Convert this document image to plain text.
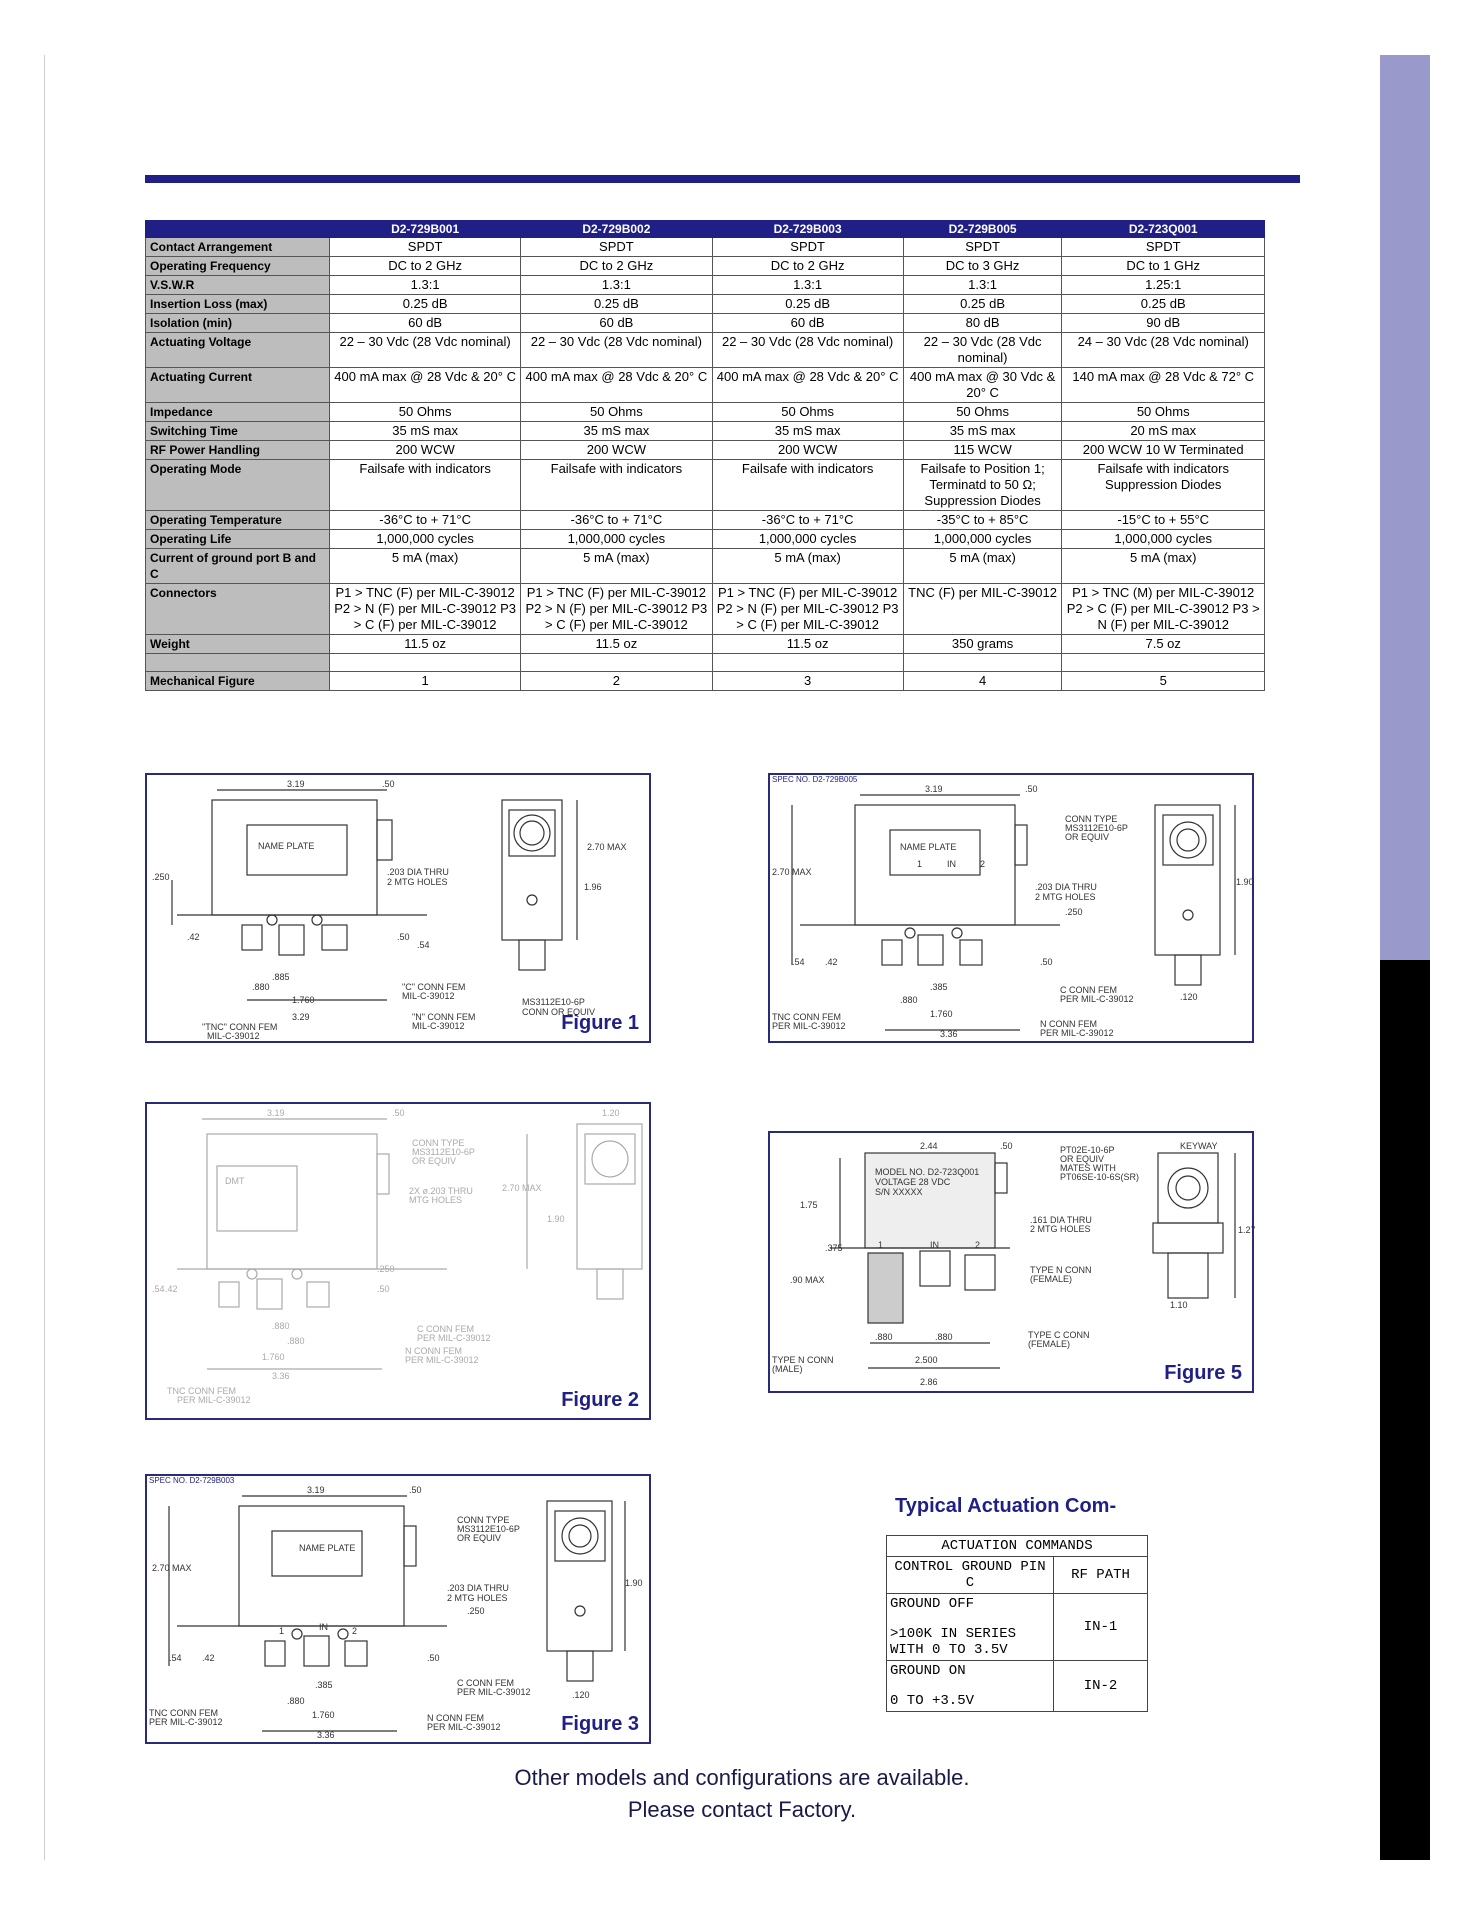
	D2-729B001	D2-729B002	D2-729B003	D2-729B005	D2-723Q001
Contact Arrangement	SPDT	SPDT	SPDT	SPDT	SPDT
Operating Frequency	DC to 2 GHz	DC to 2 GHz	DC to 2 GHz	DC to 3 GHz	DC to 1 GHz
V.S.W.R	1.3:1	1.3:1	1.3:1	1.3:1	1.25:1
Insertion Loss (max)	0.25 dB	0.25 dB	0.25 dB	0.25 dB	0.25 dB
Isolation (min)	60 dB	60 dB	60 dB	80 dB	90 dB
Actuating Voltage	22 – 30 Vdc (28 Vdc nominal)	22 – 30 Vdc (28 Vdc nominal)	22 – 30 Vdc (28 Vdc nominal)	22 – 30 Vdc (28 Vdc nominal)	24 – 30 Vdc (28 Vdc nominal)
Actuating Current	400 mA max @ 28 Vdc & 20° C	400 mA max @ 28 Vdc & 20° C	400 mA max @ 28 Vdc & 20° C	400 mA max @ 30 Vdc & 20° C	140 mA max @ 28 Vdc & 72° C
Impedance	50 Ohms	50 Ohms	50 Ohms	50 Ohms	50 Ohms
Switching Time	35 mS max	35 mS max	35 mS max	35 mS max	20 mS max
RF Power Handling	200 WCW	200 WCW	200 WCW	115 WCW	200 WCW 10 W Terminated
Operating Mode	Failsafe with indicators	Failsafe with indicators	Failsafe with indicators	Failsafe to Position 1; Terminatd to 50 Ω; Suppression Diodes	Failsafe with indicators Suppression Diodes
Operating Temperature	-36°C to + 71°C	-36°C to + 71°C	-36°C to + 71°C	-35°C to + 85°C	-15°C to + 55°C
Operating Life	1,000,000 cycles	1,000,000 cycles	1,000,000 cycles	1,000,000 cycles	1,000,000 cycles
Current of ground port B and C	5 mA (max)	5 mA (max)	5 mA (max)	5 mA (max)	5 mA (max)
Connectors	P1 > TNC (F) per MIL-C-39012 P2 > N (F) per MIL-C-39012 P3 > C (F) per MIL-C-39012	P1 > TNC (F) per MIL-C-39012 P2 > N (F) per MIL-C-39012 P3 > C (F) per MIL-C-39012	P1 > TNC (F) per MIL-C-39012 P2 > N (F) per MIL-C-39012 P3 > C (F) per MIL-C-39012	TNC (F) per MIL-C-39012	P1 > TNC (M) per MIL-C-39012 P2 > C (F) per MIL-C-39012 P3 > N (F) per MIL-C-39012
Weight	11.5 oz	11.5 oz	11.5 oz	350 grams	7.5 oz

Mechanical Figure	1	2	3	4	5
3.19	.50
.250
2.70 MAX
1.96
.203 DIA THRU
2 MTG HOLES
.42	.50
.54
.885
.880
1.760
3.29
"C" CONN FEM
MIL-C-39012
"N" CONN FEM
MIL-C-39012
"TNC" CONN FEM
MIL-C-39012
MS3112E10-6P
CONN OR EQUIV
NAME PLATE
Figure 1
SPEC NO. D2-729B005
3.19	.50
2.70 MAX
1.90
CONN TYPE
MS3112E10-6P
OR EQUIV
.203 DIA THRU
2 MTG HOLES
.250
.54 .42	.50
.385
.880
1.760
3.36
C CONN FEM
PER MIL-C-39012
N CONN FEM
PER MIL-C-39012
TNC CONN FEM
PER MIL-C-39012
.120
1	IN	2
NAME PLATE
3.19	.50	1.20
CONN TYPE
MS3112E10-6P
OR EQUIV
2X ø.203 THRU
MTG HOLES
2.70 MAX
1.90
.54 .42
.250
.50
.880
.880
1.760
3.36
C CONN FEM
PER MIL-C-39012
N CONN FEM
PER MIL-C-39012
TNC CONN FEM
PER MIL-C-39012
DMT
Figure 2
2.44	.50	PT02E-10-6P
OR EQUIV
MATES WITH
PT06SE-10-6S(SR)
KEYWAY
1.75
.375
.90 MAX
1.27
.161 DIA THRU
2 MTG HOLES
TYPE N CONN
(FEMALE)
TYPE C CONN
(FEMALE)
.880	.880
2.500
2.86
TYPE N CONN
(MALE)
1.10
1	IN	2
MODEL NO. D2-723Q001
VOLTAGE 28 VDC
S/N XXXXX
Figure 5
SPEC NO. D2-729B003
3.19	.50
2.70 MAX
1.90
CONN TYPE
MS3112E10-6P
OR EQUIV
.203 DIA THRU
2 MTG HOLES
.250
.54 .42	.50
.385
.880
1.760
3.36
C CONN FEM
PER MIL-C-39012
N CONN FEM
PER MIL-C-39012
TNC CONN FEM
PER MIL-C-39012
.120
1	IN	2
NAME PLATE
Figure 3
Typical Actuation Com-
ACTUATION COMMANDS	
CONTROL GROUND PIN C	RF PATH

GROUND OFF
>100K IN SERIES WITH 0 TO 3.5V	IN-1

GROUND ON
0 TO +3.5V	IN-2
Other models and configurations are available.
Please contact Factory.
